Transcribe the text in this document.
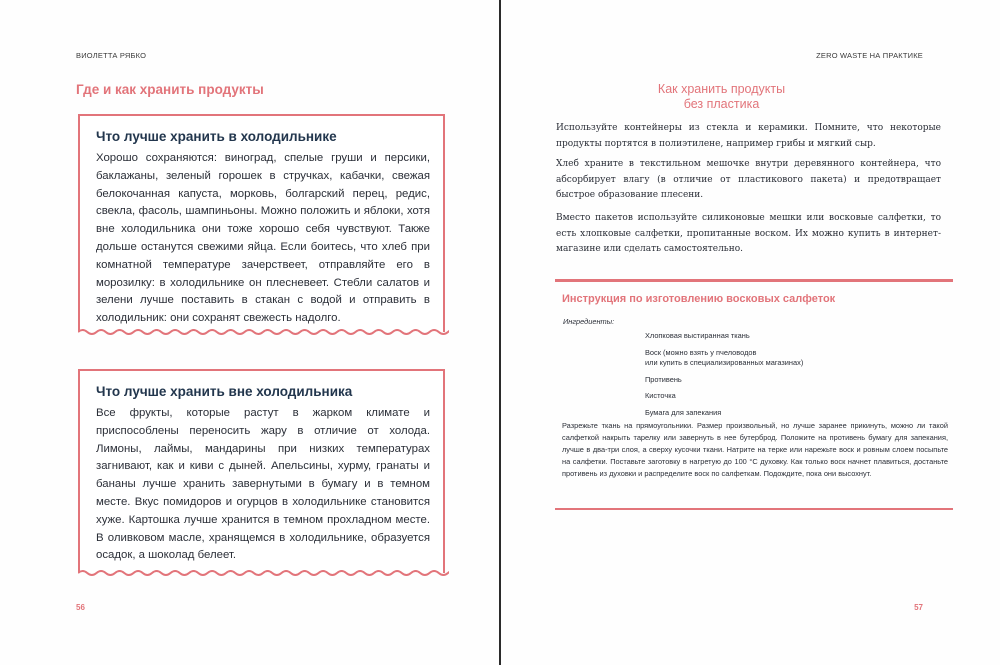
ВИОЛЕТТА РЯБКО
Где и как хранить продукты
Что лучше хранить в холодильнике

Хорошо сохраняются: виноград, спелые груши и персики, баклажаны, зеленый горошек в стручках, кабачки, свежая белокочанная капуста, морковь, болгарский перец, редис, свекла, фасоль, шампиньоны. Можно положить и яблоки, хотя вне холодильника они тоже хорошо себя чувствуют. Также дольше останутся свежими яйца. Если боитесь, что хлеб при комнатной температуре зачерствеет, отправляйте его в морозилку: в холодильнике он плесневеет. Стебли салатов и зелени лучше поставить в стакан с водой и отправить в холодильник: они сохранят свежесть надолго.

Что лучше хранить вне холодильника

Все фрукты, которые растут в жарком климате и приспособлены переносить жару в отличие от холода. Лимоны, лаймы, мандарины при низких температурах загнивают, как и киви с дыней. Апельсины, хурму, гранаты и бананы лучше хранить завернутыми в бумагу и в темном месте. Вкус помидоров и огурцов в холодильнике становится хуже. Картошка лучше хранится в темном прохладном месте. В оливковом масле, хранящемся в холодильнике, образуется осадок, а шоколад белеет.

56
ZERO WASTE НА ПРАКТИКЕ
Как хранить продукты
без пластика

Используйте контейнеры из стекла и керамики. Помните, что некоторые продукты портятся в полиэтилене, например грибы и мягкий сыр.

Хлеб храните в текстильном мешочке внутри деревянного контейнера, что абсорбирует влагу (в отличие от пластикового пакета) и предотвращает быстрое образование плесени.

Вместо пакетов используйте силиконовые мешки или восковые салфетки, то есть хлопковые салфетки, пропитанные воском. Их можно купить в интернет-магазине или сделать самостоятельно.

Инструкция по изготовлению восковых салфеток
Ингредиенты:
Хлопковая выстиранная ткань
Воск (можно взять у пчеловодов
или купить в специализированных магазинах)
Противень
Кисточка
Бумага для запекания

Разрежьте ткань на прямоугольники. Размер произвольный, но лучше заранее прикинуть, можно ли такой салфеткой накрыть тарелку или завернуть в нее бутерброд. Положите на противень бумагу для запекания, лучше в два-три слоя, а сверху кусочки ткани. Натрите на терке или нарежьте воск и ровным слоем посыпьте на салфетки. Поставьте заготовку в нагретую до 100 °С духовку. Как только воск начнет плавиться, достаньте противень из духовки и распределите воск по салфеткам. Подождите, пока они высохнут.

57
